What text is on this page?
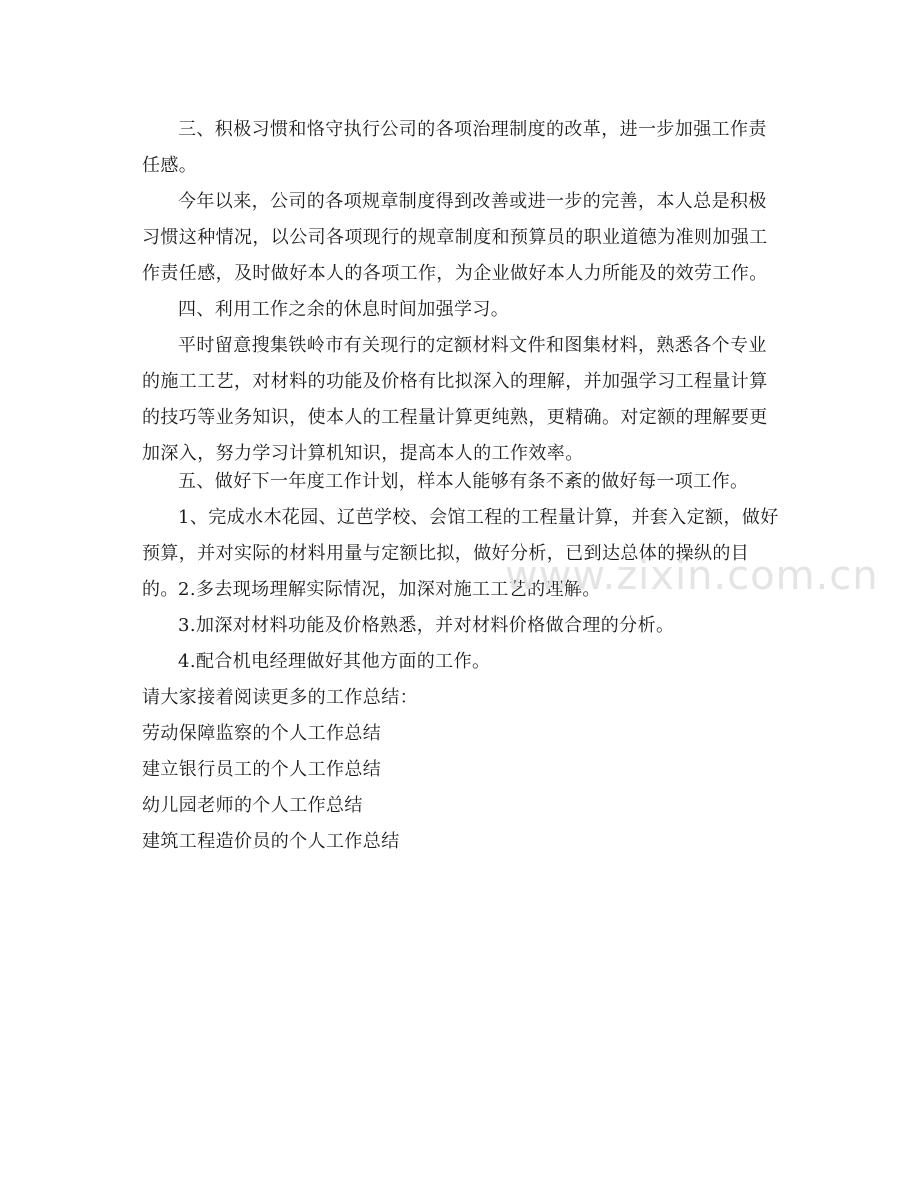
三、积极习惯和恪守执行公司的各项治理制度的改革，进一步加强工作责任感。

今年以来，公司的各项规章制度得到改善或进一步的完善，本人总是积极习惯这种情况，以公司各项现行的规章制度和预算员的职业道德为准则加强工作责任感，及时做好本人的各项工作，为企业做好本人力所能及的效劳工作。

四、利用工作之余的休息时间加强学习。

平时留意搜集铁岭市有关现行的定额材料文件和图集材料，熟悉各个专业的施工工艺，对材料的功能及价格有比拟深入的理解，并加强学习工程量计算的技巧等业务知识，使本人的工程量计算更纯熟，更精确。对定额的理解要更加深入，努力学习计算机知识，提高本人的工作效率。

五、做好下一年度工作计划，样本人能够有条不紊的做好每一项工作。

1、完成水木花园、辽芭学校、会馆工程的工程量计算，并套入定额，做好预算，并对实际的材料用量与定额比拟，做好分析，已到达总体的操纵的目的。 2.多去现场理解实际情况，加深对施工工艺的理解。

3.加深对材料功能及价格熟悉，并对材料价格做合理的分析。

4.配合机电经理做好其他方面的工作。

请大家接着阅读更多的工作总结：

劳动保障监察的个人工作总结

建立银行员工的个人工作总结

幼儿园老师的个人工作总结

建筑工程造价员的个人工作总结

www.zixin.com.cn
